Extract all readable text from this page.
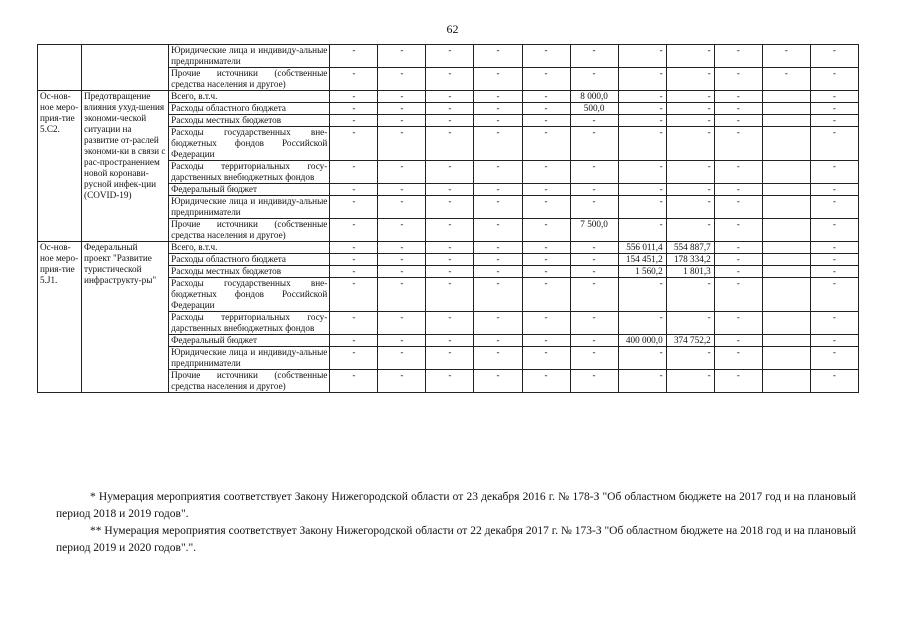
62
		Юридические лица и индивиду-альные предприниматели	-	-	-	-	-	-	-	-	-	-	-
		Прочие источники (собственные средства населения и другое)	-	-	-	-	-	-	-	-	-	-	-
Ос-нов-ное меро-прия-тие 5.С2.	Предотвращение влияния ухуд-шения экономи-ческой ситуации на развитие от-раслей экономи-ки в связи с рас-пространением новой коронави-русной инфек-ции (COVID-19)	Всего, в.т.ч.	-	-	-	-	-	8 000,0	-	-	-		-
		Расходы областного бюджета	-	-	-	-	-	500,0	-	-	-		-
		Расходы местных бюджетов	-	-	-	-	-	-	-	-	-		-
		Расходы государственных вне-бюджетных фондов Российской Федерации	-	-	-	-	-	-	-	-	-		-
		Расходы территориальных госу-дарственных внебюджетных фондов	-	-	-	-	-	-	-	-	-		-
		Федеральный бюджет	-	-	-	-	-	-	-	-	-		-
		Юридические лица и индивиду-альные предприниматели	-	-	-	-	-	-	-	-	-		-
		Прочие источники (собственные средства населения и другое)	-	-	-	-	-	7 500,0	-	-	-		-
Ос-нов-ное меро-прия-тие 5.J1.	Федеральный проект "Развитие туристической инфраструкту-ры"	Всего, в.т.ч.	-	-	-	-	-	-	556 011,4	554 887,7	-		-
		Расходы областного бюджета	-	-	-	-	-	-	154 451,2	178 334,2	-		-
		Расходы местных бюджетов	-	-	-	-	-	-	1 560,2	1 801,3	-		-
		Расходы государственных вне-бюджетных фондов Российской Федерации	-	-	-	-	-	-	-	-	-		-
		Расходы территориальных госу-дарственных внебюджетных фондов	-	-	-	-	-	-	-	-	-		-
		Федеральный бюджет	-	-	-	-	-	-	400 000,0	374 752,2	-		-
		Юридические лица и индивиду-альные предприниматели	-	-	-	-	-	-	-	-	-		-
		Прочие источники (собственные средства населения и другое)	-	-	-	-	-	-	-	-	-		-

* Нумерация мероприятия соответствует Закону Нижегородской области от 23 декабря 2016 г. № 178-З "Об областном бюджете на 2017 год и на плановый период 2018 и 2019 годов".

** Нумерация мероприятия соответствует Закону Нижегородской области от 22 декабря 2017 г. № 173-З "Об областном бюджете на 2018 год и на плановый период 2019 и 2020 годов".".
